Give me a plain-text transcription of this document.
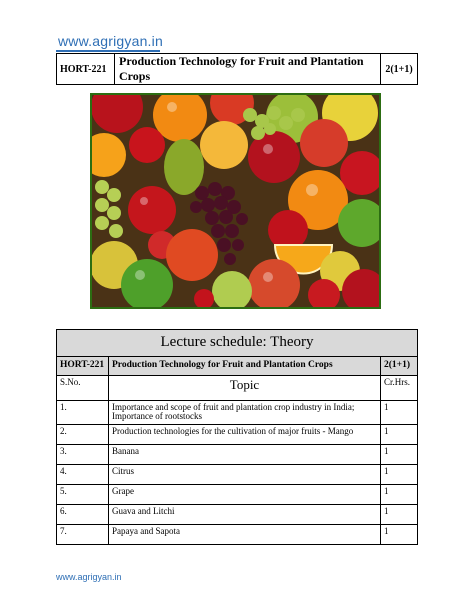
www.agrigyan.in
HORT-221	Production Technology for Fruit and Plantation Crops	2(1+1)
Lecture schedule: Theory		
HORT-221	Production Technology for Fruit and Plantation Crops	2(1+1)
S.No.	Topic	Cr.Hrs.
1.	Importance and scope of fruit and plantation crop industry in India; Importance of rootstocks	1
2.	Production technologies for the cultivation of major fruits - Mango	1
3.	Banana	1
4.	Citrus	1
5.	Grape	1
6.	Guava and Litchi	1
7.	Papaya and Sapota	1
www.agrigyan.in
